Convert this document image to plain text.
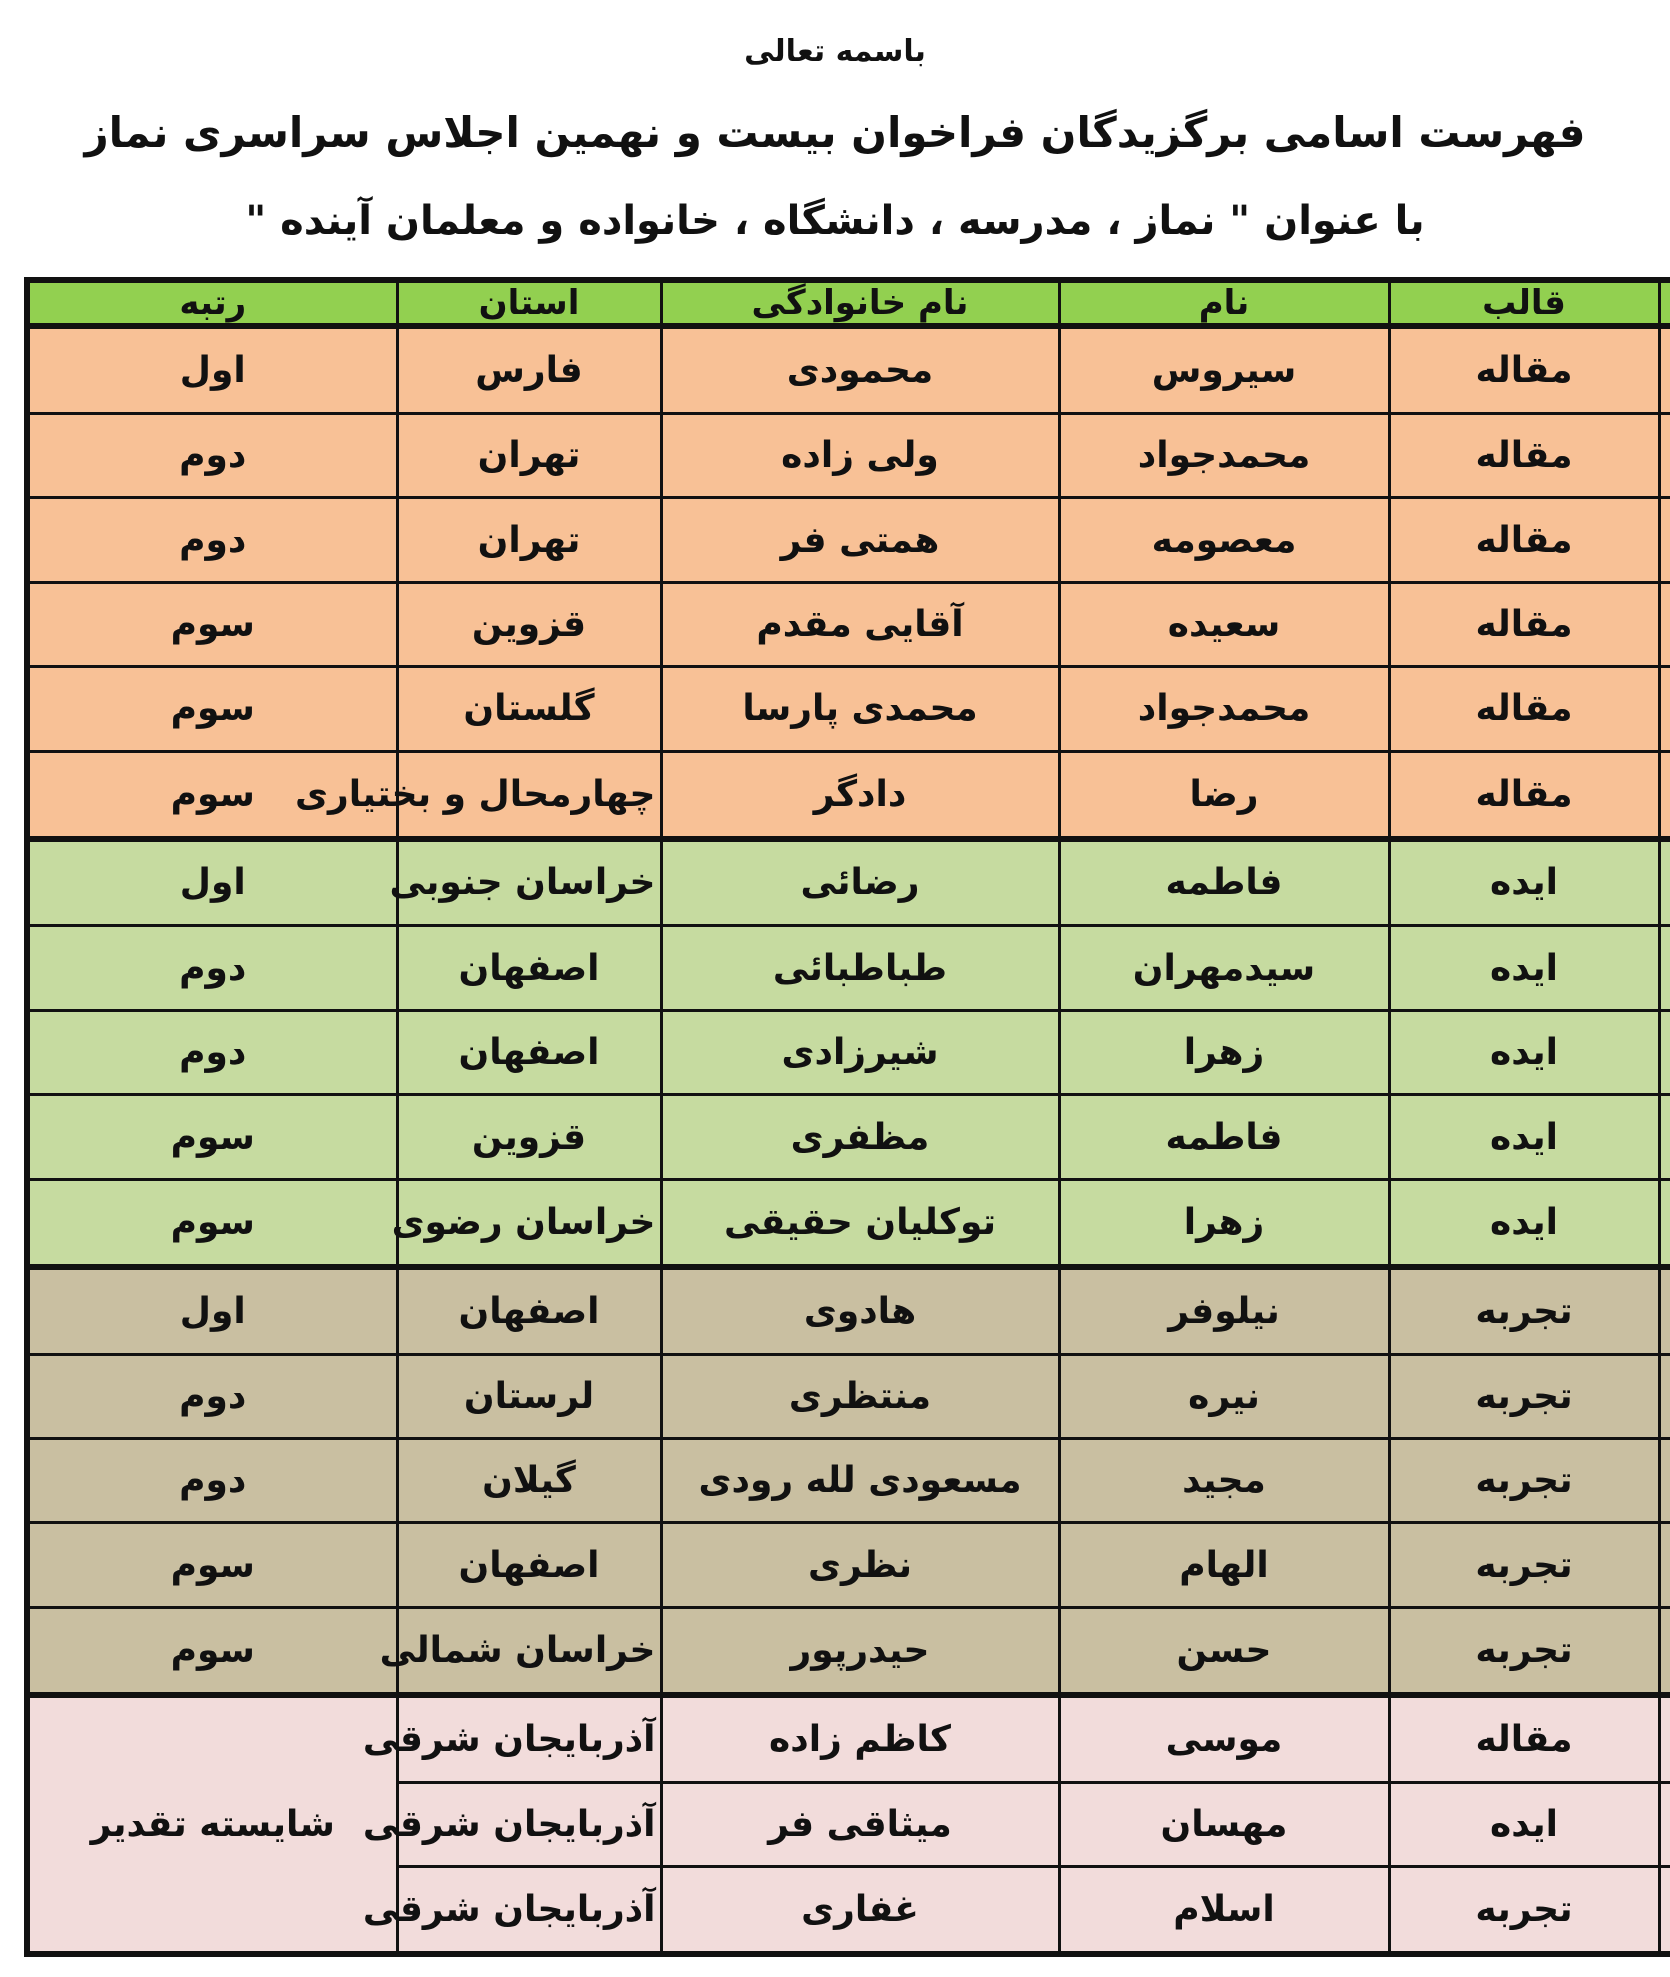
باسمه تعالی
فهرست اسامی برگزیدگان فراخوان بیست و نهمین اجلاس سراسری نماز
با عنوان " نماز ، مدرسه ، دانشگاه ، خانواده و معلمان آینده "
	قالب	نام	نام خانوادگی	استان	رتبه
	مقاله	سیروس	محمودی	فارس	اول
	مقاله	محمدجواد	ولی زاده	تهران	دوم
	مقاله	معصومه	همتی فر	تهران	دوم
	مقاله	سعیده	آقایی مقدم	قزوین	سوم
	مقاله	محمدجواد	محمدی پارسا	گلستان	سوم
	مقاله	رضا	دادگر	چهارمحال و بختیاری	سوم
	ایده	فاطمه	رضائی	خراسان جنوبی	اول
	ایده	سیدمهران	طباطبائی	اصفهان	دوم
	ایده	زهرا	شیرزادی	اصفهان	دوم
	ایده	فاطمه	مظفری	قزوین	سوم
	ایده	زهرا	توکلیان حقیقی	خراسان رضوی	سوم
	تجربه	نیلوفر	هادوی	اصفهان	اول
	تجربه	نیره	منتظری	لرستان	دوم
	تجربه	مجید	مسعودی لله رودی	گیلان	دوم
	تجربه	الهام	نظری	اصفهان	سوم
	تجربه	حسن	حیدرپور	خراسان شمالی	سوم
	مقاله	موسی	کاظم زاده	آذربایجان شرقی	شایسته تقدیر
	ایده	مهسان	میثاقی فر	آذربایجان شرقی	
	تجربه	اسلام	غفاری	آذربایجان شرقی	
